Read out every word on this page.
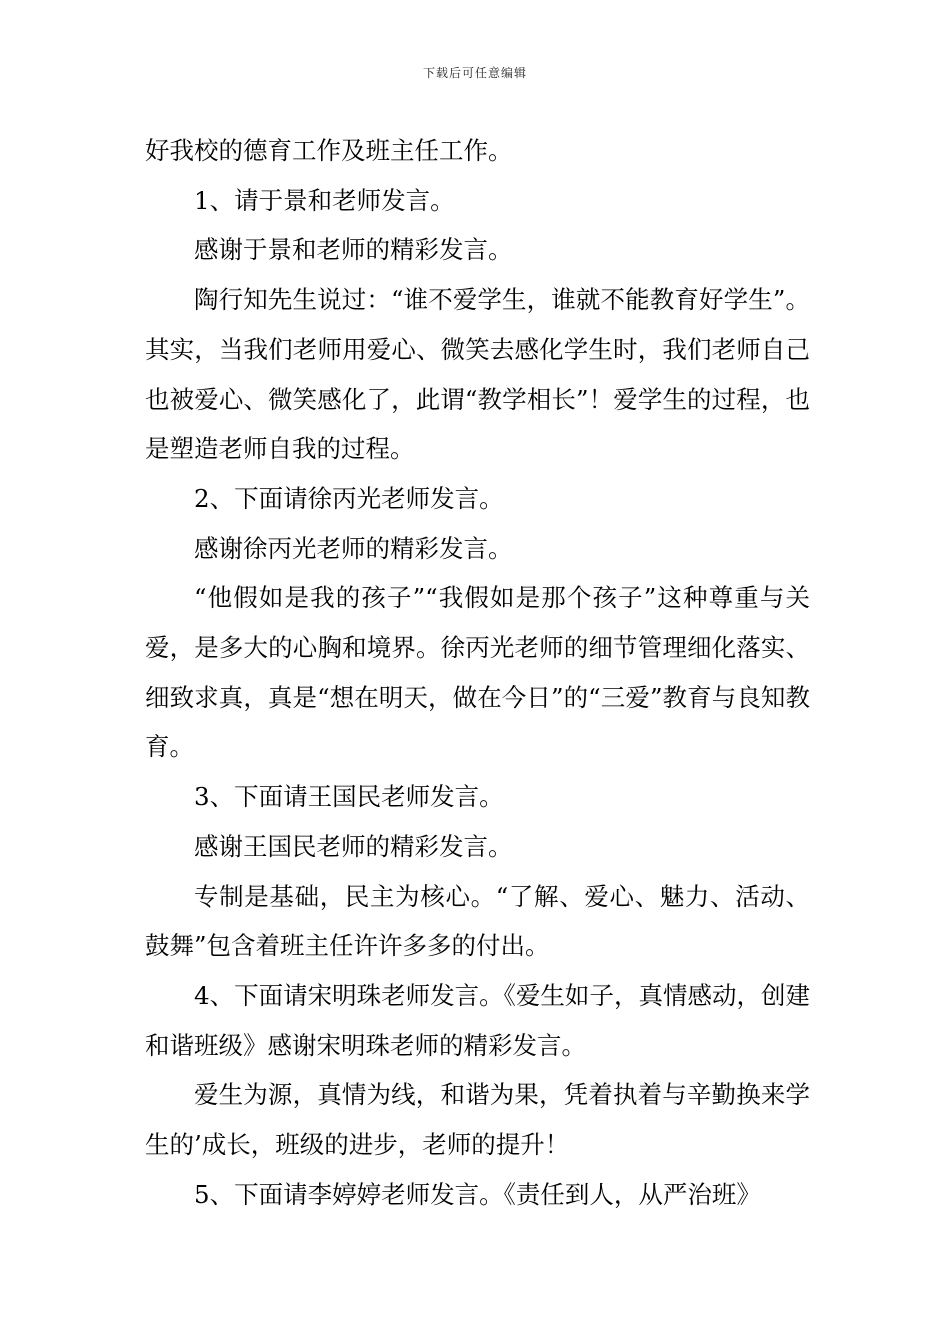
下载后可任意编辑

好我校的德育工作及班主任工作。

1、请于景和老师发言。

感谢于景和老师的精彩发言。

陶行知先生说过：“谁不爱学生，谁就不能教育好学生”。其实，当我们老师用爱心、微笑去感化学生时，我们老师自己也被爱心、微笑感化了，此谓“教学相长”！爱学生的过程，也是塑造老师自我的过程。

2、下面请徐丙光老师发言。

感谢徐丙光老师的精彩发言。

“他假如是我的孩子”“我假如是那个孩子”这种尊重与关爱，是多大的心胸和境界。徐丙光老师的细节管理细化落实、细致求真，真是“想在明天，做在今日”的“三爱”教育与良知教育。

3、下面请王国民老师发言。

感谢王国民老师的精彩发言。

专制是基础，民主为核心。“了解、爱心、魅力、活动、鼓舞”包含着班主任许许多多的付出。

4、下面请宋明珠老师发言。《爱生如子，真情感动，创建和谐班级》感谢宋明珠老师的精彩发言。

爱生为源，真情为线，和谐为果，凭着执着与辛勤换来学生的’成长，班级的进步，老师的提升！

5、下面请李婷婷老师发言。《责任到人，从严治班》
